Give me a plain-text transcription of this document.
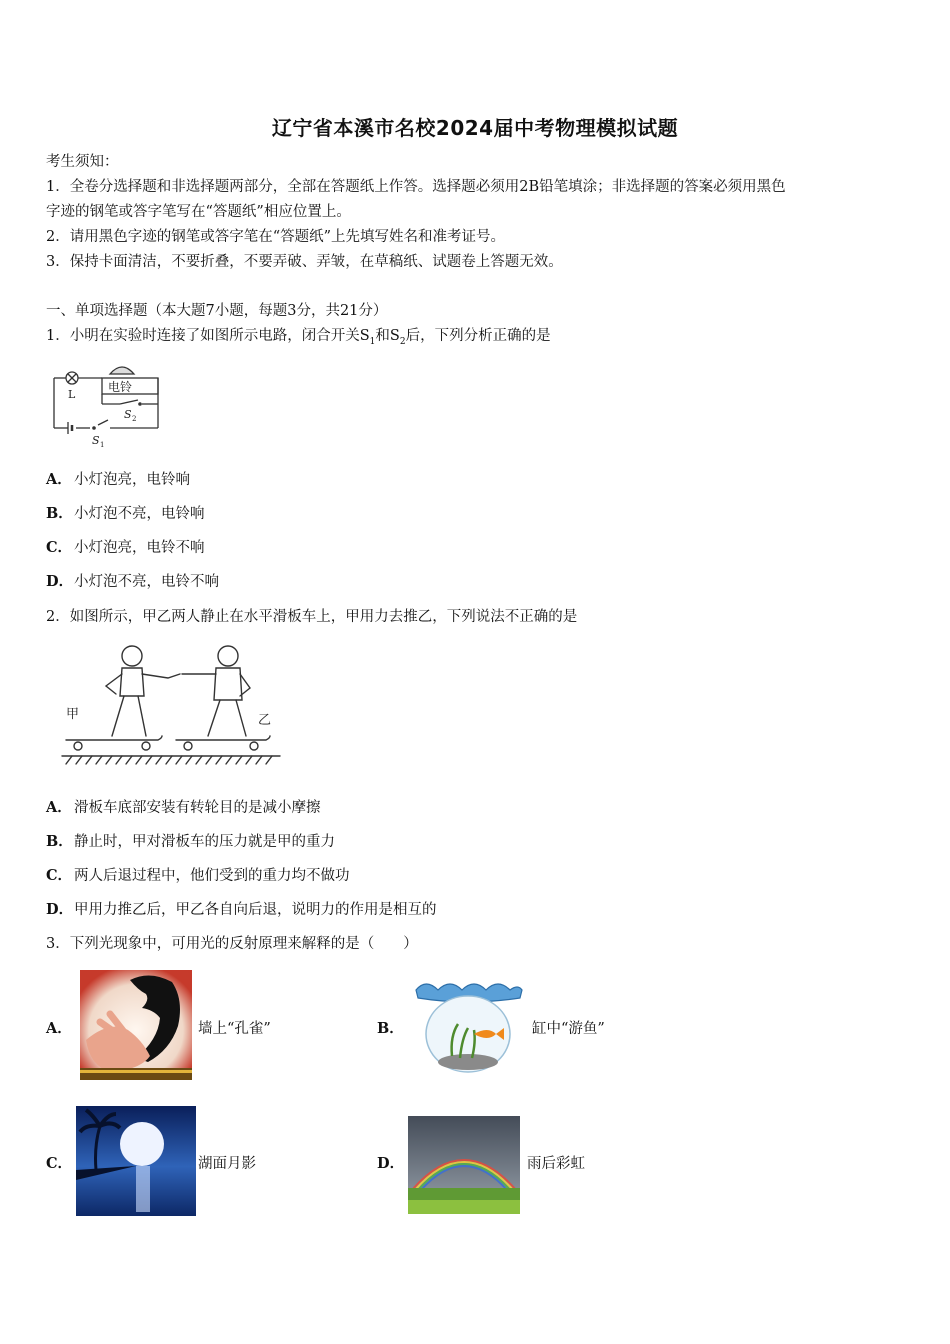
辽宁省本溪市名校2024届中考物理模拟试题
考生须知：
1．全卷分选择题和非选择题两部分，全部在答题纸上作答。选择题必须用2B铅笔填涂；非选择题的答案必须用黑色
字迹的钢笔或答字笔写在“答题纸”相应位置上。
2．请用黑色字迹的钢笔或答字笔在“答题纸”上先填写姓名和准考证号。
3．保持卡面清洁，不要折叠，不要弄破、弄皱，在草稿纸、试题卷上答题无效。
一、单项选择题（本大题7小题，每题3分，共21分）
1．小明在实验时连接了如图所示电路，闭合开关$S_1$和$S_2$后，下列分析正确的是
L
电铃
S 2
S 1
A． 小灯泡亮，电铃响
B．小灯泡不亮，电铃响
C． 小灯泡亮，电铃不响
D．小灯泡不亮，电铃不响
2．如图所示，甲乙两人静止在水平滑板车上，甲用力去推乙，下列说法不正确的是
甲	乙
A． 滑板车底部安装有转轮目的是减小摩擦
B．静止时，甲对滑板车的压力就是甲的重力
C． 两人后退过程中，他们受到的重力均不做功
D．甲用力推乙后，甲乙各自向后退，说明力的作用是相互的
3．下列光现象中，可用光的反射原理来解释的是（　　）
A．	墙上“孔雀”	B．	缸中“游鱼”
C．	湖面月影	D．	雨后彩虹
